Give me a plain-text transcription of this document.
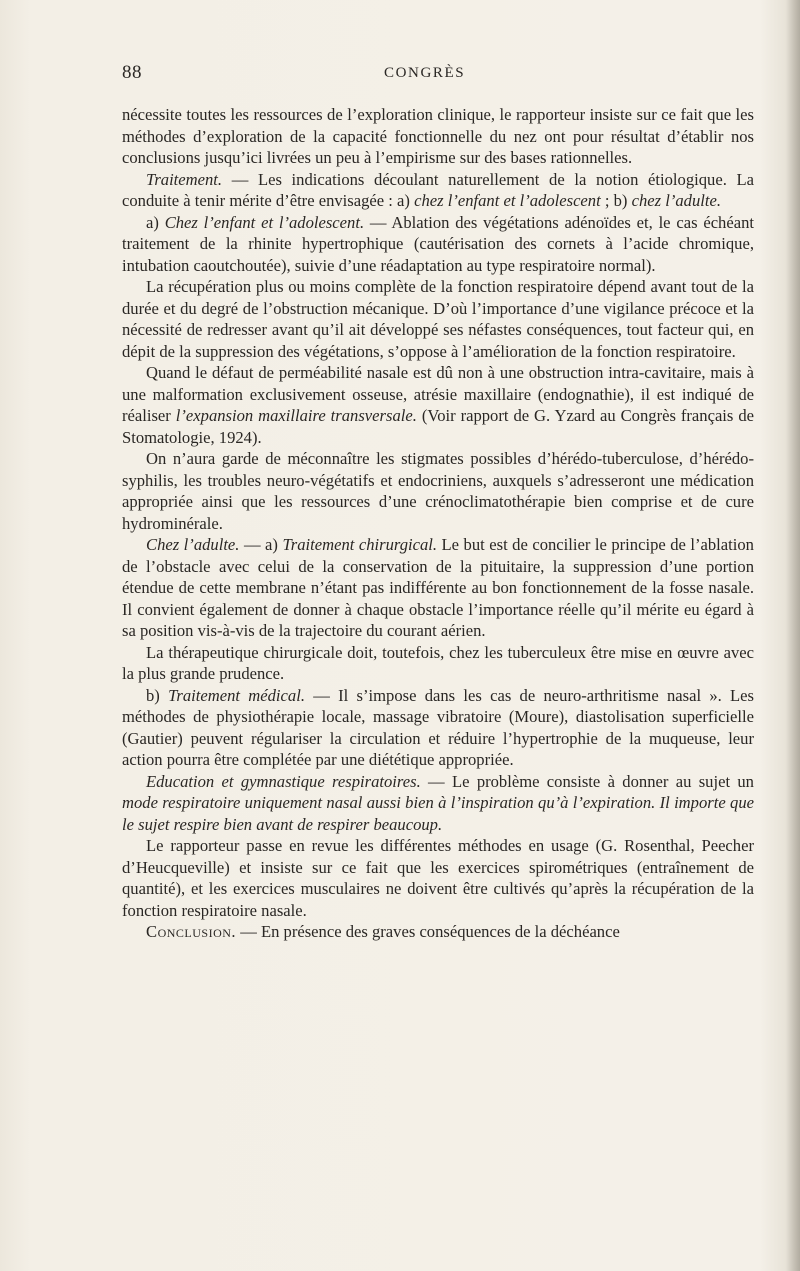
88	CONGRÈS

nécessite toutes les ressources de l’exploration clinique, le rapporteur insiste sur ce fait que les méthodes d’exploration de la capacité fonctionnelle du nez ont pour résultat d’établir nos conclusions jusqu’ici livrées un peu à l’empirisme sur des bases rationnelles.

Traitement. — Les indications découlant naturellement de la notion étiologique. La conduite à tenir mérite d’être envisagée : a) chez l’enfant et l’adolescent ; b) chez l’adulte.

a) Chez l’enfant et l’adolescent. — Ablation des végétations adénoïdes et, le cas échéant traitement de la rhinite hypertrophique (cautérisation des cornets à l’acide chromique, intubation caoutchoutée), suivie d’une réadaptation au type respiratoire normal).

La récupération plus ou moins complète de la fonction respiratoire dépend avant tout de la durée et du degré de l’obstruction mécanique. D’où l’importance d’une vigilance précoce et la nécessité de redresser avant qu’il ait développé ses néfastes conséquences, tout facteur qui, en dépit de la suppression des végétations, s’oppose à l’amélioration de la fonction respiratoire.

Quand le défaut de perméabilité nasale est dû non à une obstruction intra-cavitaire, mais à une malformation exclusivement osseuse, atrésie maxillaire (endognathie), il est indiqué de réaliser l’expansion maxillaire transversale. (Voir rapport de G. Yzard au Congrès français de Stomatologie, 1924).

On n’aura garde de méconnaître les stigmates possibles d’hérédo-tuberculose, d’hérédo-syphilis, les troubles neuro-végétatifs et endocriniens, auxquels s’adresseront une médication appropriée ainsi que les ressources d’une crénoclimatothérapie bien comprise et de cure hydrominérale.

Chez l’adulte. — a) Traitement chirurgical. Le but est de concilier le principe de l’ablation de l’obstacle avec celui de la conservation de la pituitaire, la suppression d’une portion étendue de cette membrane n’étant pas indifférente au bon fonctionnement de la fosse nasale. Il convient également de donner à chaque obstacle l’importance réelle qu’il mérite eu égard à sa position vis-à-vis de la trajectoire du courant aérien.

La thérapeutique chirurgicale doit, toutefois, chez les tuberculeux être mise en œuvre avec la plus grande prudence.

b) Traitement médical. — Il s’impose dans les cas de neuro-arthritisme nasal ». Les méthodes de physiothérapie locale, massage vibratoire (Moure), diastolisation superficielle (Gautier) peuvent régulariser la circulation et réduire l’hypertrophie de la muqueuse, leur action pourra être complétée par une diététique appropriée.

Education et gymnastique respiratoires. — Le problème consiste à donner au sujet un mode respiratoire uniquement nasal aussi bien à l’inspiration qu’à l’expiration. Il importe que le sujet respire bien avant de respirer beaucoup.

Le rapporteur passe en revue les différentes méthodes en usage (G. Rosenthal, Peecher d’Heucqueville) et insiste sur ce fait que les exercices spirométriques (entraînement de quantité), et les exercices musculaires ne doivent être cultivés qu’après la récupération de la fonction respiratoire nasale.

Conclusion. — En présence des graves conséquences de la déchéance
